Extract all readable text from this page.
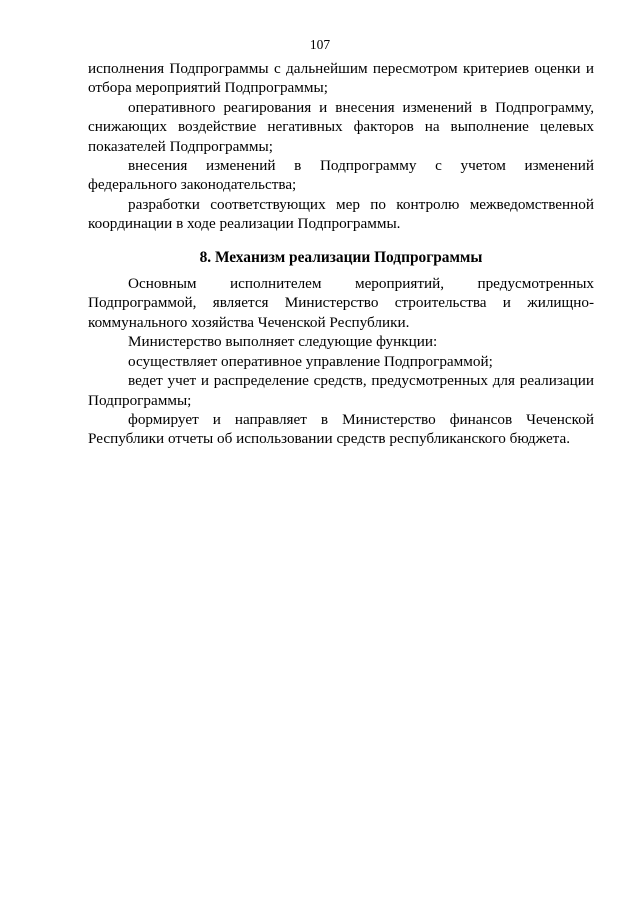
107

исполнения Подпрограммы с дальнейшим пересмотром критериев оценки и отбора мероприятий Подпрограммы;

оперативного реагирования и внесения изменений в Подпрограмму, снижающих воздействие негативных факторов на выполнение целевых показателей Подпрограммы;

внесения изменений в Подпрограмму с учетом изменений федерального законодательства;

разработки соответствующих мер по контролю межведомственной координации в ходе реализации Подпрограммы.

8. Механизм реализации Подпрограммы

Основным исполнителем мероприятий, предусмотренных Подпрограммой, является Министерство строительства и жилищно-коммунального хозяйства Чеченской Республики.

Министерство выполняет следующие функции:

осуществляет оперативное управление Подпрограммой;

ведет учет и распределение средств, предусмотренных для реализации Подпрограммы;

формирует и направляет в Министерство финансов Чеченской Республики отчеты об использовании средств республиканского бюджета.
